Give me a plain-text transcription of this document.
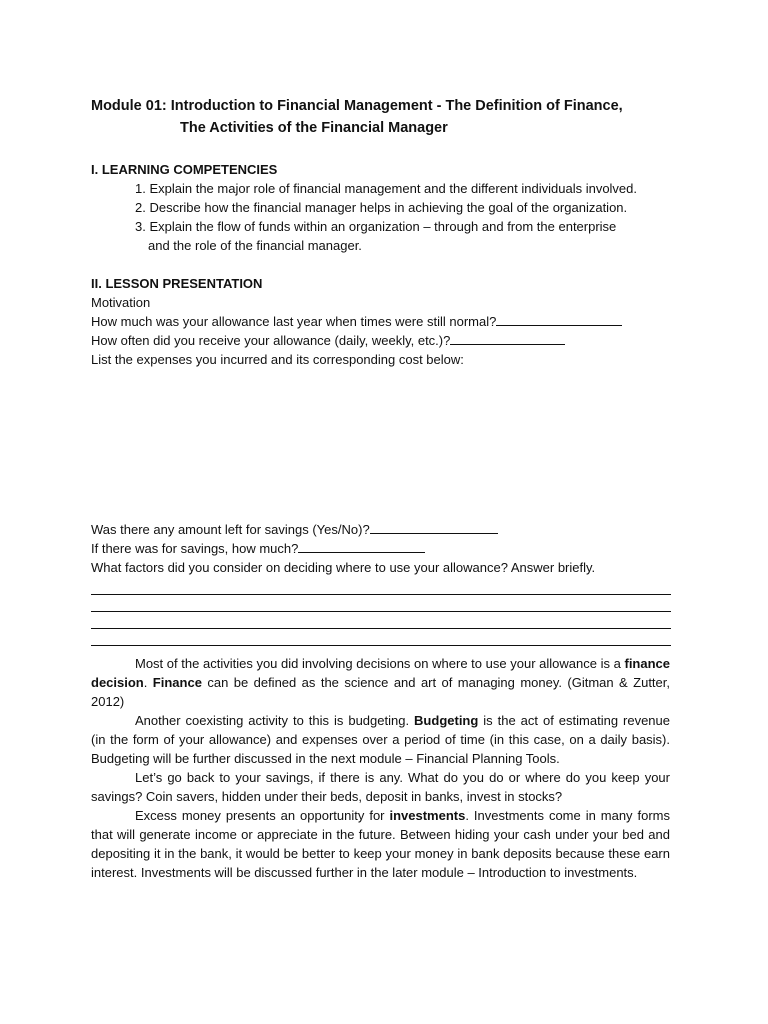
Module 01: Introduction to Financial Management - The Definition of Finance,
The Activities of the Financial Manager
I. LEARNING COMPETENCIES
1. Explain the major role of financial management and the different individuals involved.
2. Describe how the financial manager helps in achieving the goal of the organization.
3. Explain the flow of funds within an organization – through and from the enterprise
and the role of the financial manager.
II. LESSON PRESENTATION
Motivation
How much was your allowance last year when times were still normal?
How often did you receive your allowance (daily, weekly, etc.)?
List the expenses you incurred and its corresponding cost below:
Was there any amount left for savings (Yes/No)?
If there was for savings, how much?
What factors did you consider on deciding where to use your allowance? Answer briefly.

Most of the activities you did involving decisions on where to use your allowance is a finance decision. Finance can be defined as the science and art of managing money. (Gitman & Zutter, 2012)

Another coexisting activity to this is budgeting. Budgeting is the act of estimating revenue (in the form of your allowance) and expenses over a period of time (in this case, on a daily basis). Budgeting will be further discussed in the next module – Financial Planning Tools.

Let’s go back to your savings, if there is any. What do you do or where do you keep your savings? Coin savers, hidden under their beds, deposit in banks, invest in stocks?

Excess money presents an opportunity for investments. Investments come in many forms that will generate income or appreciate in the future. Between hiding your cash under your bed and depositing it in the bank, it would be better to keep your money in bank deposits because these earn interest. Investments will be discussed further in the later module – Introduction to investments.
